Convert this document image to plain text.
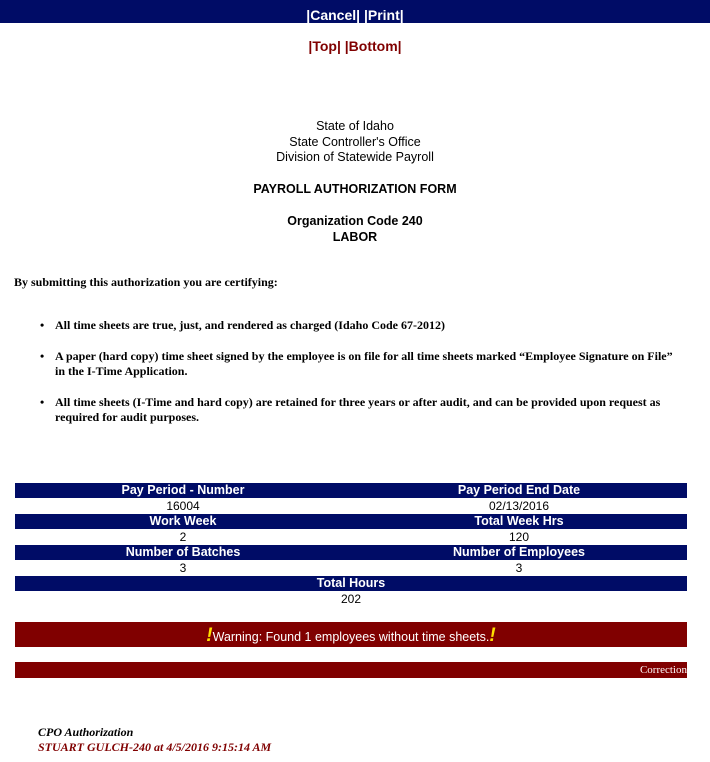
|Cancel| |Print|
|Top| |Bottom|
State of Idaho
State Controller's Office
Division of Statewide Payroll
PAYROLL AUTHORIZATION FORM
Organization Code 240
LABOR
By submitting this authorization you are certifying:
• All time sheets are true, just, and rendered as charged (Idaho Code 67-2012)
• A paper (hard copy) time sheet signed by the employee is on file for all time sheets marked “Employee Signature on File” in the I-Time Application.
• All time sheets (I-Time and hard copy) are retained for three years or after audit, and can be provided upon request as required for audit purposes.
Pay Period - Number	Pay Period End Date
16004	02/13/2016
Work Week	Total Week Hrs
2	120
Number of Batches	Number of Employees
3	3
Total Hours
202
!Warning: Found 1 employees without time sheets.!
Correction
CPO Authorization
STUART GULCH-240 at 4/5/2016 9:15:14 AM
